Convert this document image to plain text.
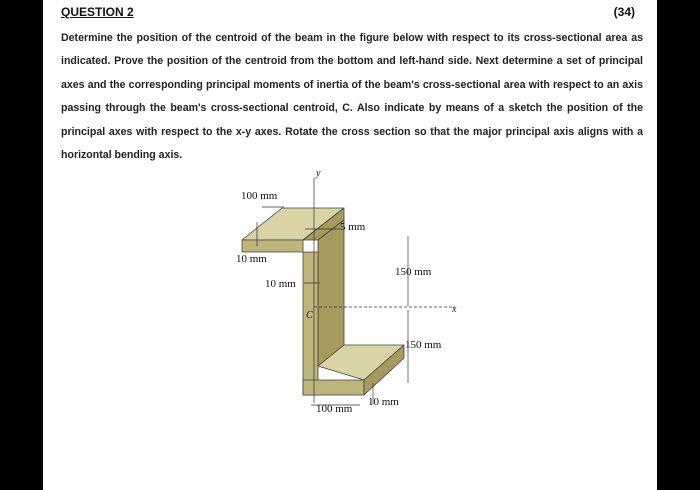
QUESTION 2	(34)
Determine the position of the centroid of the beam in the figure below with respect to its cross-sectional area as indicated. Prove the position of the centroid from the bottom and left-hand side. Next determine a set of principal axes and the corresponding principal moments of inertia of the beam's cross-sectional area with respect to an axis passing through the beam's cross-sectional centroid, C. Also indicate by means of a sketch the position of the principal axes with respect to the x-y axes. Rotate the cross section so that the major principal axis aligns with a horizontal bending axis.
y
x
C
100 mm
10 mm
5 mm
10 mm
150 mm
150 mm
10 mm
100 mm
